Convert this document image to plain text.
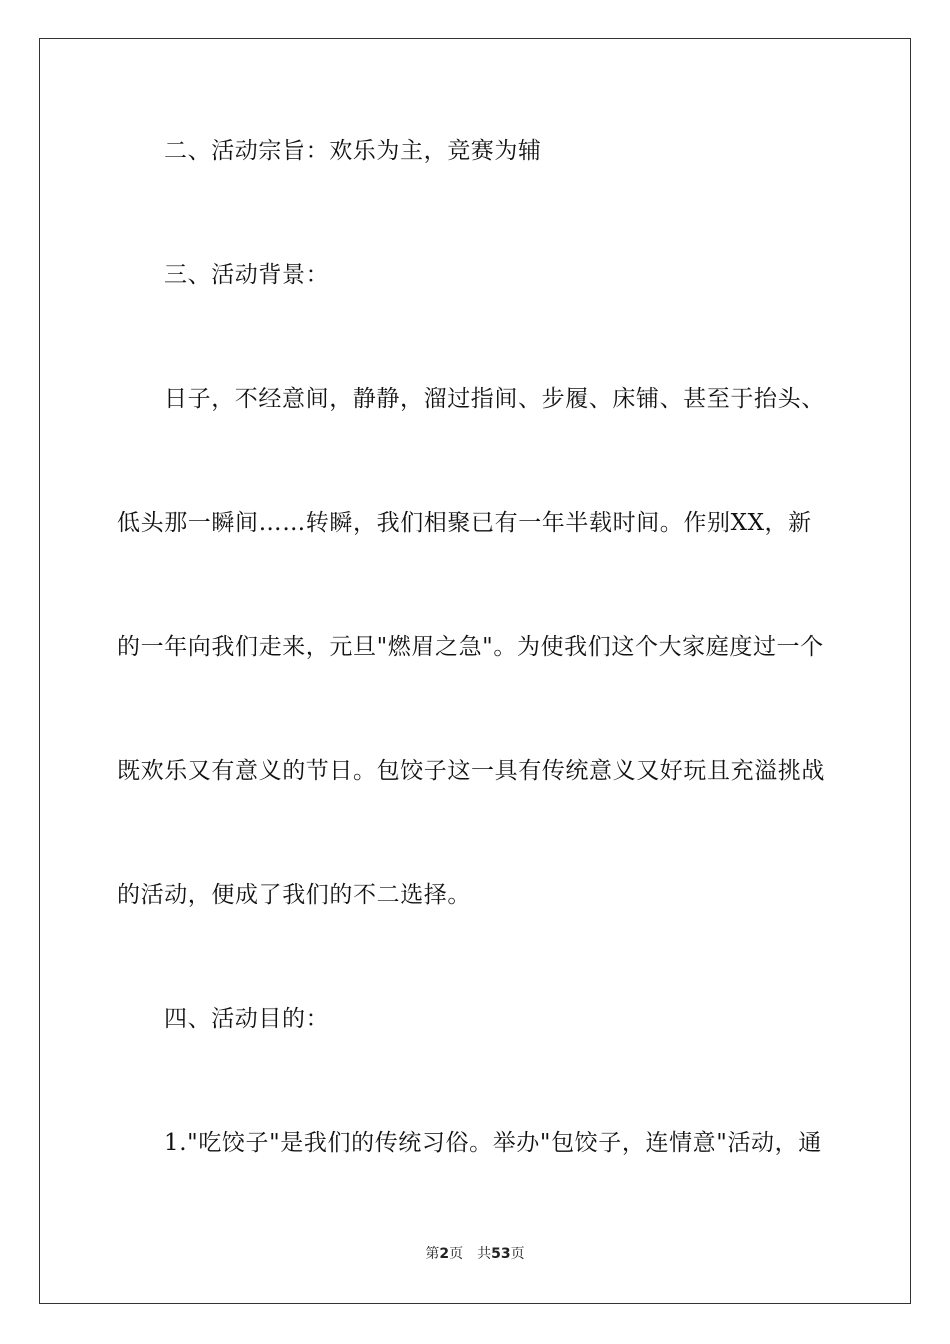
二、活动宗旨：欢乐为主，竞赛为辅
三、活动背景：
日子，不经意间，静静，溜过指间、步履、床铺、甚至于抬头、
低头那一瞬间……转瞬，我们相聚已有一年半载时间。作别XX，新
的一年向我们走来，元旦"燃眉之急"。为使我们这个大家庭度过一个
既欢乐又有意义的节日。包饺子这一具有传统意义又好玩且充溢挑战
的活动，便成了我们的不二选择。
四、活动目的：
1."吃饺子"是我们的传统习俗。举办"包饺子，连情意"活动，通
第2页 共53页
